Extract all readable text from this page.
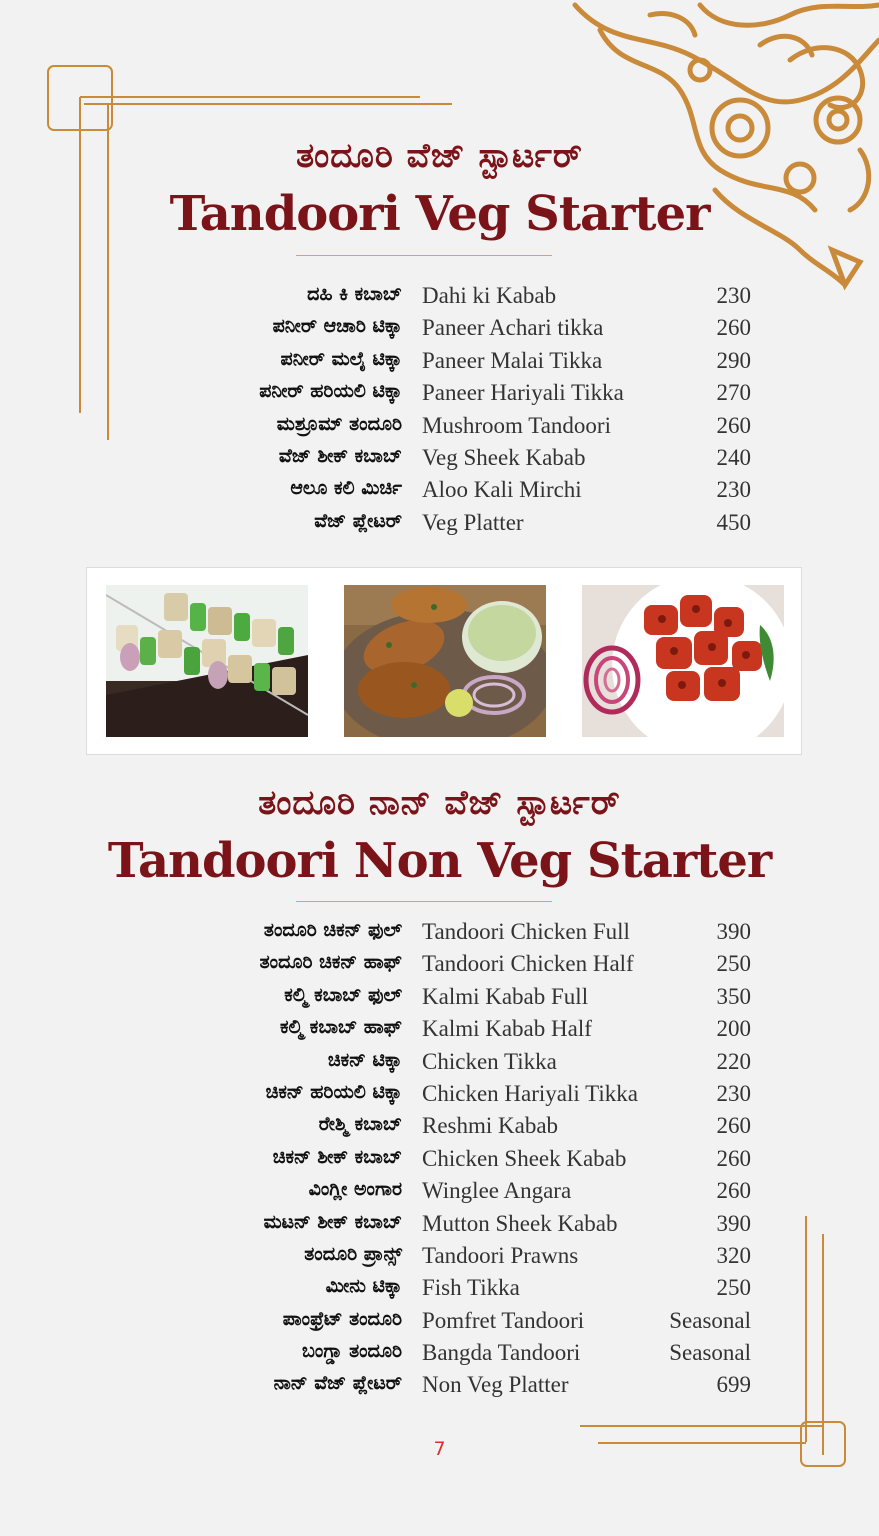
ತಂದೂರಿ ವೆಜ್ ಸ್ಟಾರ್ಟರ್
Tandoori Veg Starter
ದಹಿ ಕಿ ಕಬಾಬ್ Dahi ki Kabab	230
ಪನೀರ್ ಆಚಾರಿ ಟಿಕ್ಕಾ Paneer Achari tikka	260
ಪನೀರ್ ಮಲೈ ಟಿಕ್ಕಾ Paneer Malai Tikka	290
ಪನೀರ್ ಹರಿಯಲಿ ಟಿಕ್ಕಾ Paneer Hariyali Tikka	270
ಮಶ್ರೂಮ್ ತಂದೂರಿ Mushroom Tandoori	260
ವೆಜ್ ಶೀಕ್ ಕಬಾಬ್ Veg Sheek Kabab	240
ಆಲೂ ಕಲಿ ಮಿರ್ಚಿ Aloo Kali Mirchi	230
ವೆಜ್ ಪ್ಲೇಟರ್ Veg Platter	450
ತಂದೂರಿ ನಾನ್ ವೆಜ್ ಸ್ಟಾರ್ಟರ್
Tandoori Non Veg Starter
ತಂದೂರಿ ಚಿಕನ್ ಫುಲ್ Tandoori Chicken Full	390
ತಂದೂರಿ ಚಿಕನ್ ಹಾಫ್ Tandoori Chicken Half	250
ಕಲ್ಮಿ ಕಬಾಬ್ ಫುಲ್ Kalmi Kabab Full	350
ಕಲ್ಮಿ ಕಬಾಬ್ ಹಾಫ್ Kalmi Kabab Half	200
ಚಿಕನ್ ಟಿಕ್ಕಾ Chicken Tikka	220
ಚಿಕನ್ ಹರಿಯಲಿ ಟಿಕ್ಕಾ Chicken Hariyali Tikka	230
ರೇಶ್ಮಿ ಕಬಾಬ್ Reshmi Kabab	260
ಚಿಕನ್ ಶೀಕ್ ಕಬಾಬ್ Chicken Sheek Kabab	260
ವಿಂಗ್ಲೀ ಅಂಗಾರ Winglee Angara	260
ಮಟನ್ ಶೀಕ್ ಕಬಾಬ್ Mutton Sheek Kabab	390
ತಂದೂರಿ ಪ್ರಾನ್ಸ್ Tandoori Prawns	320
ಮೀನು ಟಿಕ್ಕಾ Fish Tikka	250
ಪಾಂಫ್ರೆಟ್ ತಂದೂರಿ Pomfret Tandoori	Seasonal
ಬಂಗ್ಡಾ ತಂದೂರಿ Bangda Tandoori	Seasonal
ನಾನ್ ವೆಜ್ ಪ್ಲೇಟರ್ Non Veg Platter	699
7
